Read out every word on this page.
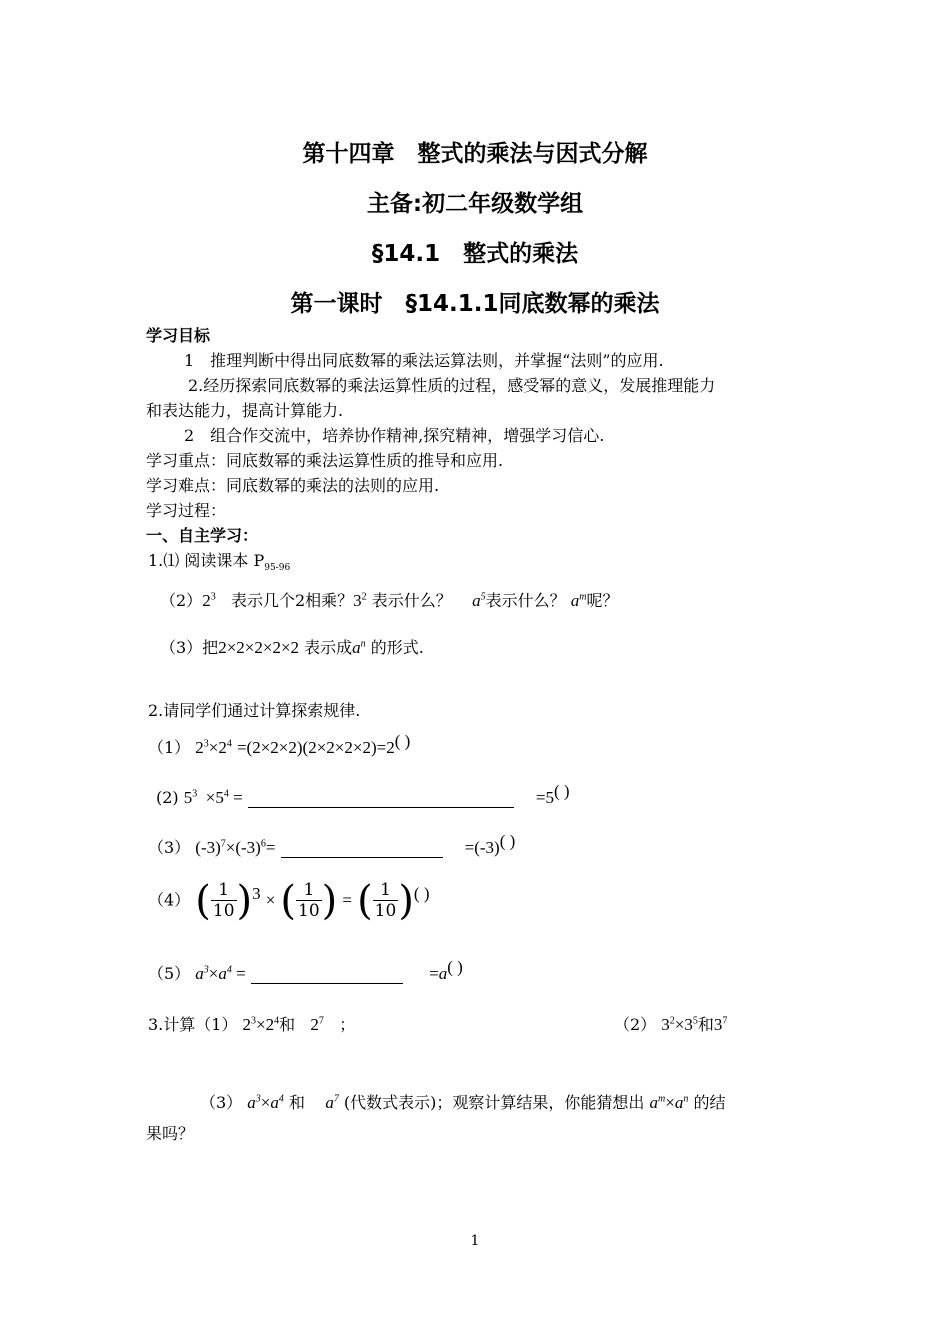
第十四章　整式的乘法与因式分解
主备:初二年级数学组
§14.1　整式的乘法
第一课时　§14.1.1同底数幂的乘法
学习目标
1　推理判断中得出同底数幂的乘法运算法则，并掌握“法则”的应用.
2.经历探索同底数幂的乘法运算性质的过程，感受幂的意义，发展推理能力
和表达能力，提高计算能力.
2　组合作交流中，培养协作精神,探究精神，增强学习信心.
学习重点：同底数幂的乘法运算性质的推导和应用.
学习难点：同底数幂的乘法的法则的应用.
学习过程：
一、自主学习：
1.⑴ 阅读课本 $P_{95-96}$
$(2)2^3$ 表示几个2相乘？$3^2$ 表示什么？ $a^5$表示什么？ $a^m$呢？
（3）把2×2×2×2×2 表示成$a^n$ 的形式.
2.请同学们通过计算探索规律.
（1） $2^3\times 2^4 =(2\times 2\times 2)(2\times 2\times 2\times 2)=2^{( )}$
(2) $5^3 \times 5^4$ =	=5( )
（3） $(-3)^7\times(-3)^6=$	=(-3)( )
（4） ( $\frac{1}{10} )^3$ × ( $\frac{1}{10}$ ) = ( $\frac{1}{10} )^{( )}$
（5） $a^3\times a^4$ =	=a( )
3.计算（1） $2^3\times 2^4$和 $2^7$ ；	（2） $3^2\times 3^5$和$3^7$
（3） $a^3\times a^4$ 和 $a^7$ (代数式表示)；观察计算结果，你能猜想出 $a^m\times a^n$ 的结
果吗？
1
